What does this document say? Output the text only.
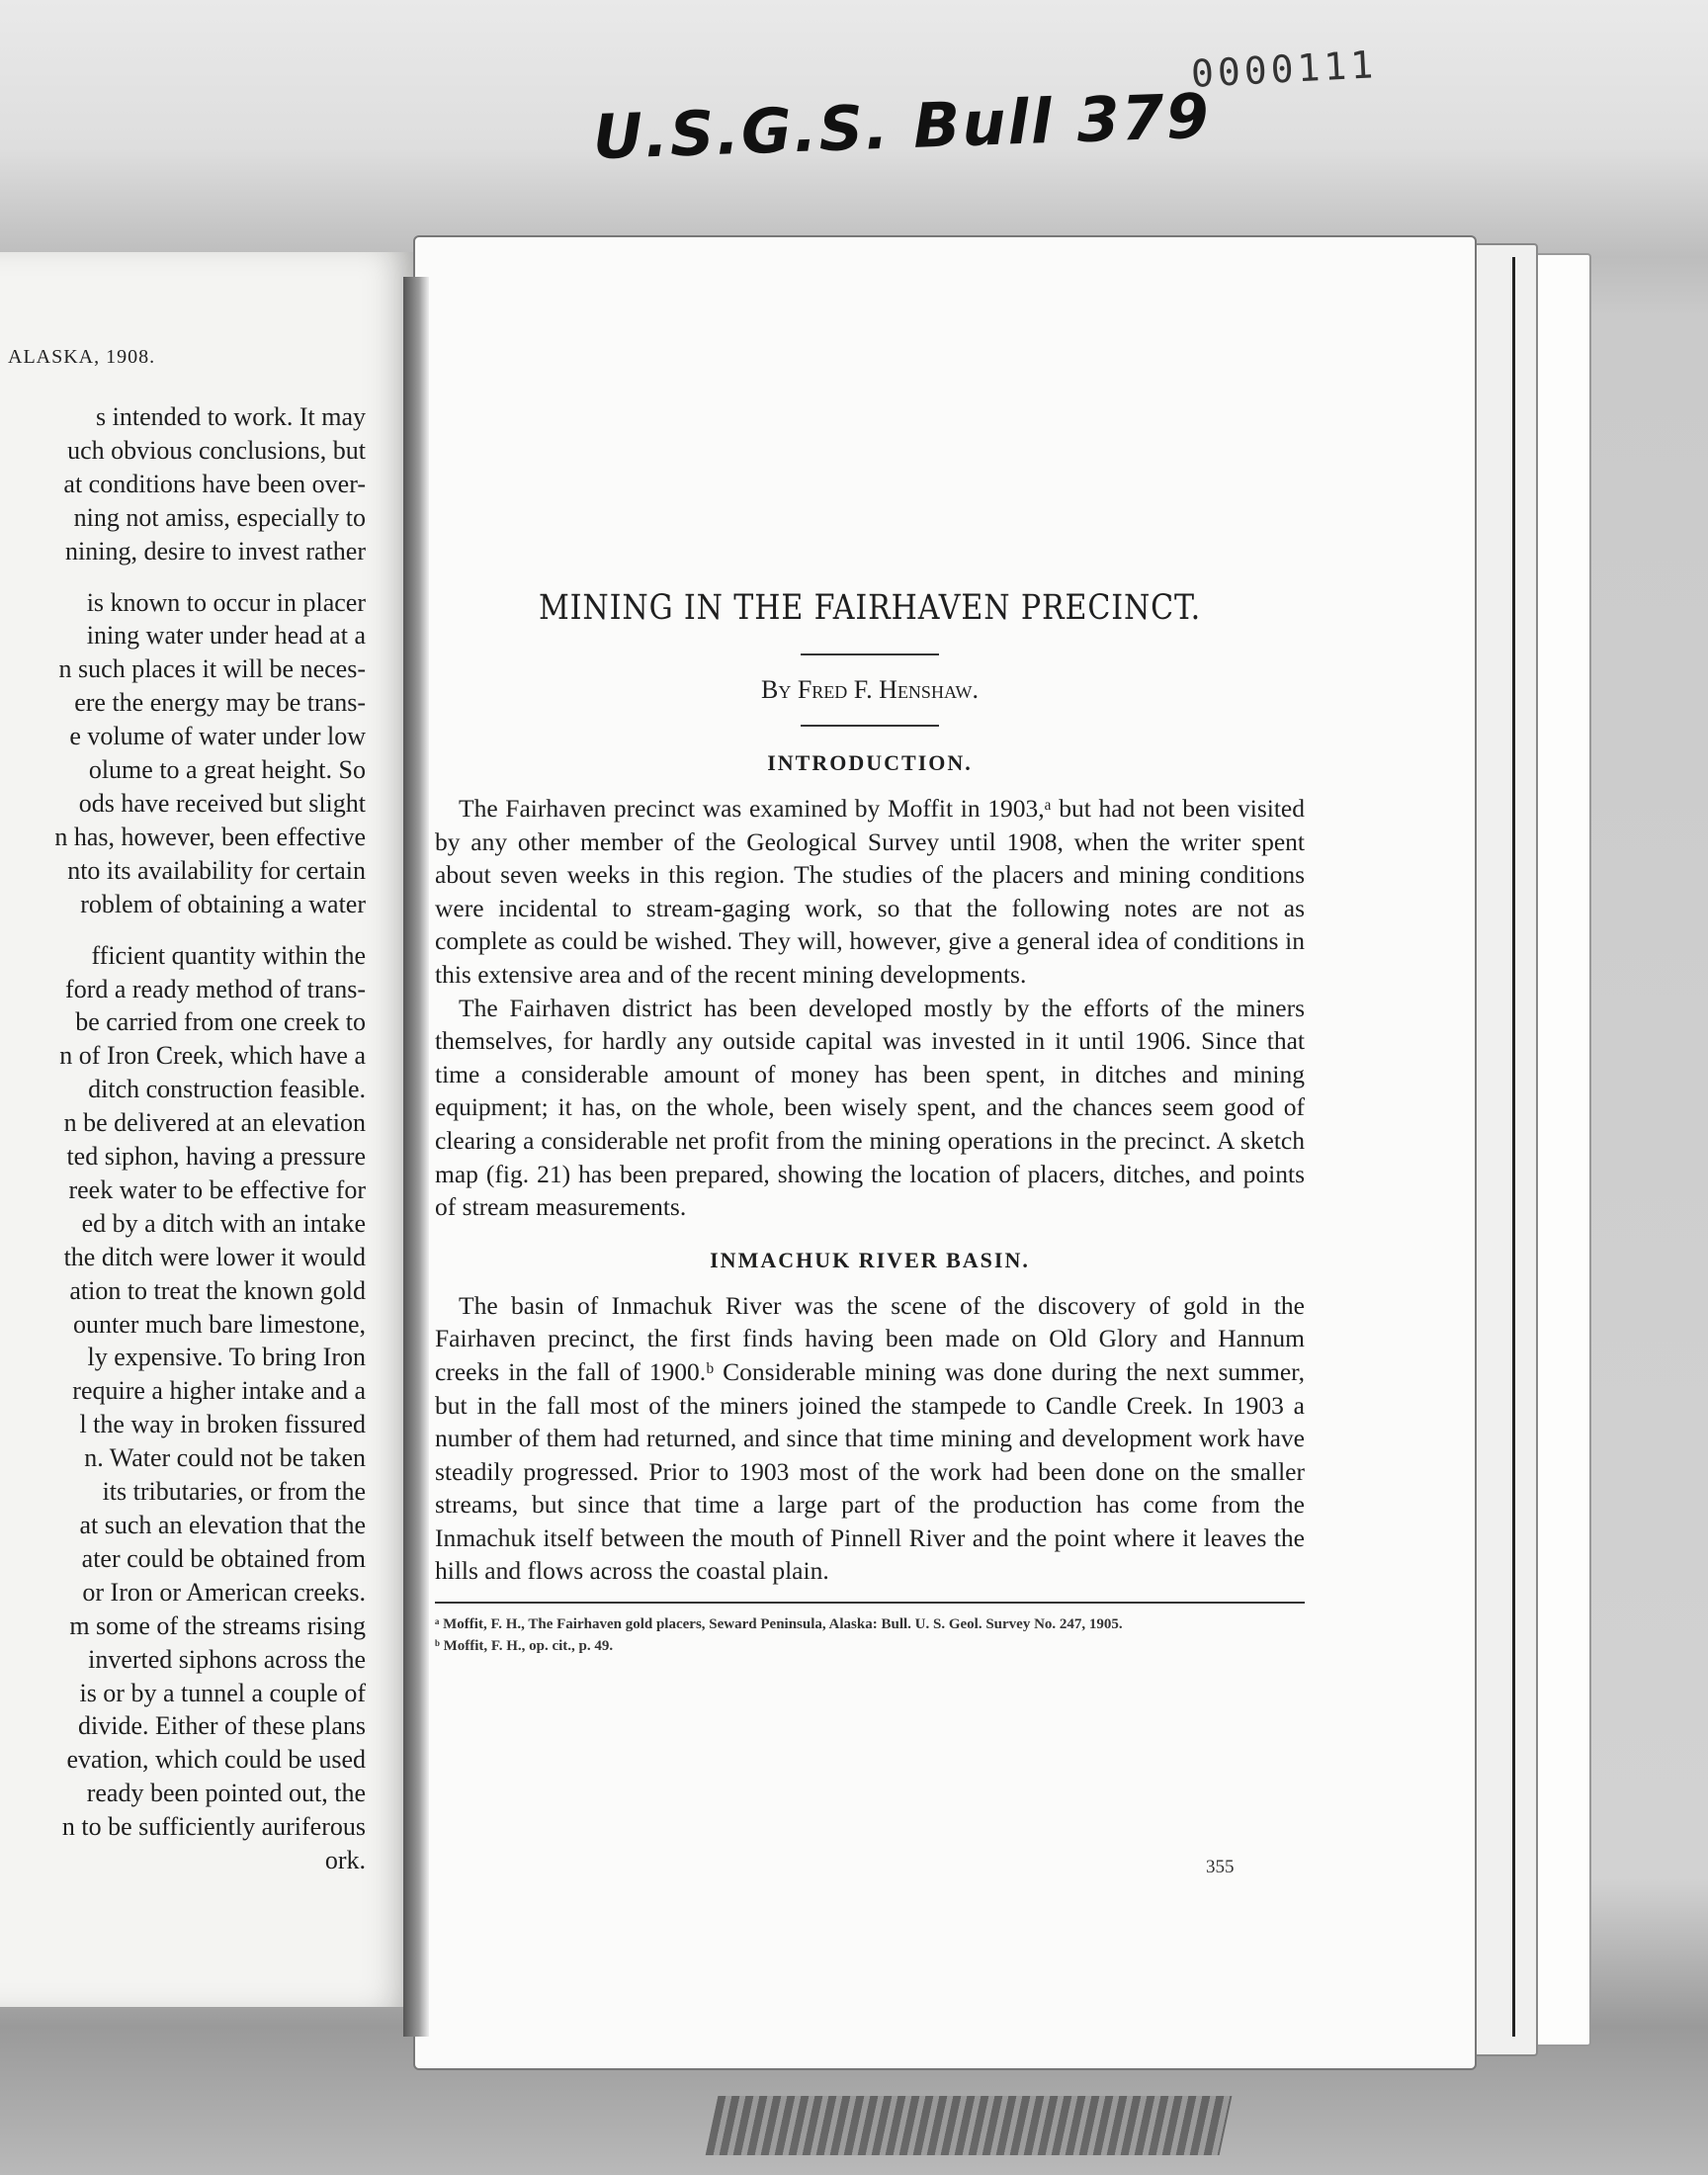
U.S.G.S. Bull 379
0000111
ALASKA, 1908.
s intended to work. It may
uch obvious conclusions, but
at conditions have been over-
ning not amiss, especially to
nining, desire to invest rather
is known to occur in placer
ining water under head at a
n such places it will be neces-
ere the energy may be trans-
e volume of water under low
olume to a great height. So
ods have received but slight
n has, however, been effective
nto its availability for certain
roblem of obtaining a water
fficient quantity within the
ford a ready method of trans-
be carried from one creek to
n of Iron Creek, which have a
ditch construction feasible.
n be delivered at an elevation
ted siphon, having a pressure
reek water to be effective for
ed by a ditch with an intake
the ditch were lower it would
ation to treat the known gold
ounter much bare limestone,
ly expensive. To bring Iron
require a higher intake and a
l the way in broken fissured
n. Water could not be taken
its tributaries, or from the
at such an elevation that the
ater could be obtained from
or Iron or American creeks.
m some of the streams rising
inverted siphons across the
is or by a tunnel a couple of
divide. Either of these plans
evation, which could be used
ready been pointed out, the
n to be sufficiently auriferous
ork.
MINING IN THE FAIRHAVEN PRECINCT.
By Fred F. Henshaw.
INTRODUCTION.

The Fairhaven precinct was examined by Moffit in 1903,ᵃ but had not been visited by any other member of the Geological Survey until 1908, when the writer spent about seven weeks in this region. The studies of the placers and mining conditions were incidental to stream-gaging work, so that the following notes are not as complete as could be wished. They will, however, give a general idea of conditions in this extensive area and of the recent mining developments.

The Fairhaven district has been developed mostly by the efforts of the miners themselves, for hardly any outside capital was invested in it until 1906. Since that time a considerable amount of money has been spent, in ditches and mining equipment; it has, on the whole, been wisely spent, and the chances seem good of clearing a considerable net profit from the mining operations in the precinct. A sketch map (fig. 21) has been prepared, showing the location of placers, ditches, and points of stream measurements.

INMACHUK RIVER BASIN.

The basin of Inmachuk River was the scene of the discovery of gold in the Fairhaven precinct, the first finds having been made on Old Glory and Hannum creeks in the fall of 1900.ᵇ Considerable mining was done during the next summer, but in the fall most of the miners joined the stampede to Candle Creek. In 1903 a number of them had returned, and since that time mining and development work have steadily progressed. Prior to 1903 most of the work had been done on the smaller streams, but since that time a large part of the production has come from the Inmachuk itself between the mouth of Pinnell River and the point where it leaves the hills and flows across the coastal plain.

ᵃ Moffit, F. H., The Fairhaven gold placers, Seward Peninsula, Alaska: Bull. U. S. Geol. Survey No. 247, 1905.
ᵇ Moffit, F. H., op. cit., p. 49.
355
